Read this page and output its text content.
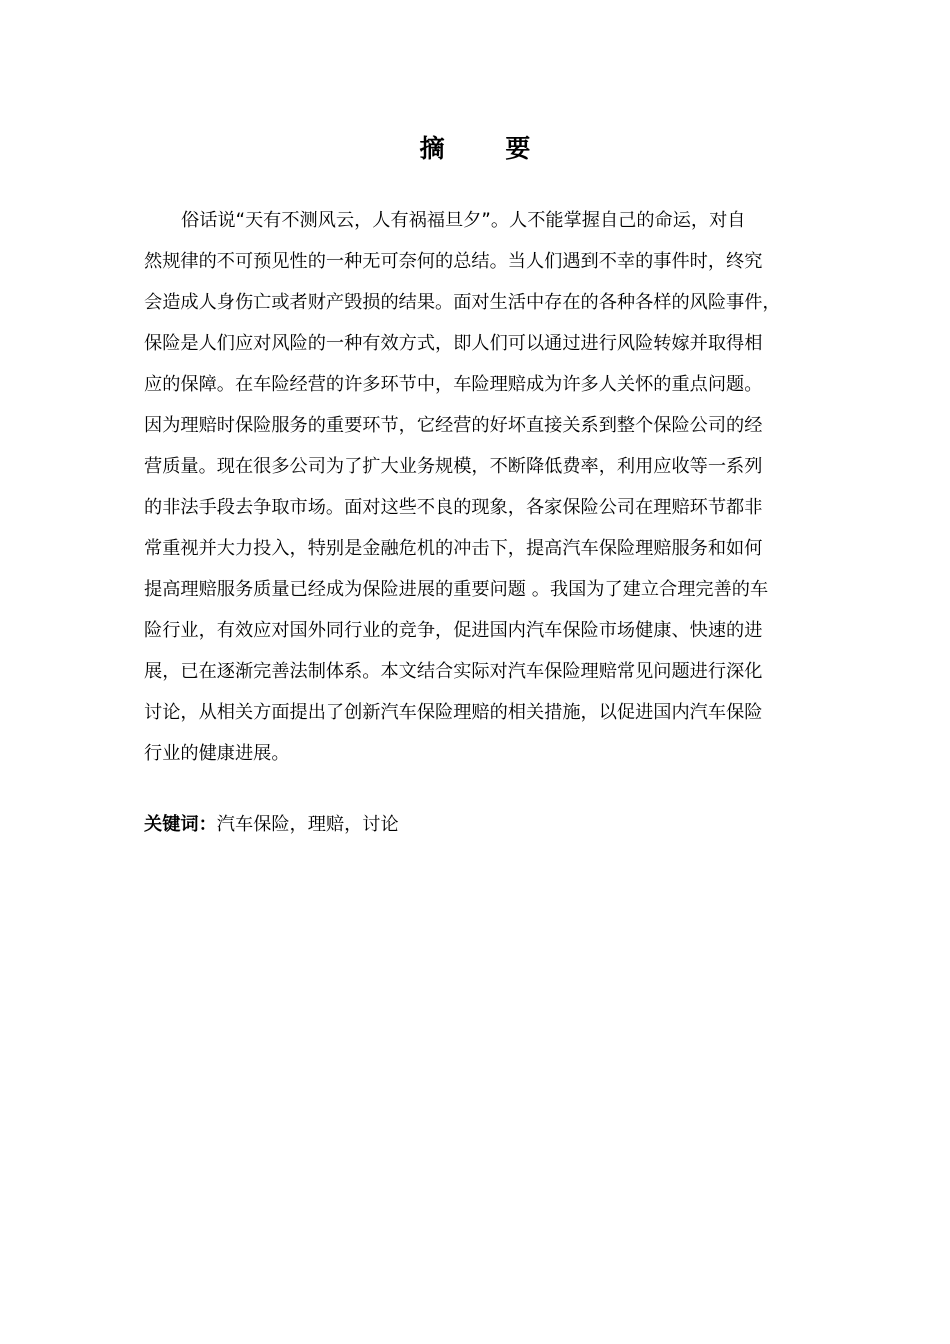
摘 要
俗话说“天有不测风云，人有祸福旦夕”。人不能掌握自己的命运，对自
然规律的不可预见性的一种无可奈何的总结。当人们遇到不幸的事件时，终究
会造成人身伤亡或者财产毁损的结果。面对生活中存在的各种各样的风险事件，
保险是人们应对风险的一种有效方式，即人们可以通过进行风险转嫁并取得相
应的保障。在车险经营的许多环节中，车险理赔成为许多人关怀的重点问题。
因为理赔时保险服务的重要环节，它经营的好坏直接关系到整个保险公司的经
营质量。现在很多公司为了扩大业务规模，不断降低费率，利用应收等一系列
的非法手段去争取市场。面对这些不良的现象，各家保险公司在理赔环节都非
常重视并大力投入，特别是金融危机的冲击下，提高汽车保险理赔服务和如何
提高理赔服务质量已经成为保险进展的重要问题 。我国为了建立合理完善的车
险行业，有效应对国外同行业的竞争，促进国内汽车保险市场健康、快速的进
展，已在逐渐完善法制体系。本文结合实际对汽车保险理赔常见问题进行深化
讨论，从相关方面提出了创新汽车保险理赔的相关措施，以促进国内汽车保险
行业的健康进展。
关键词：汽车保险，理赔，讨论
